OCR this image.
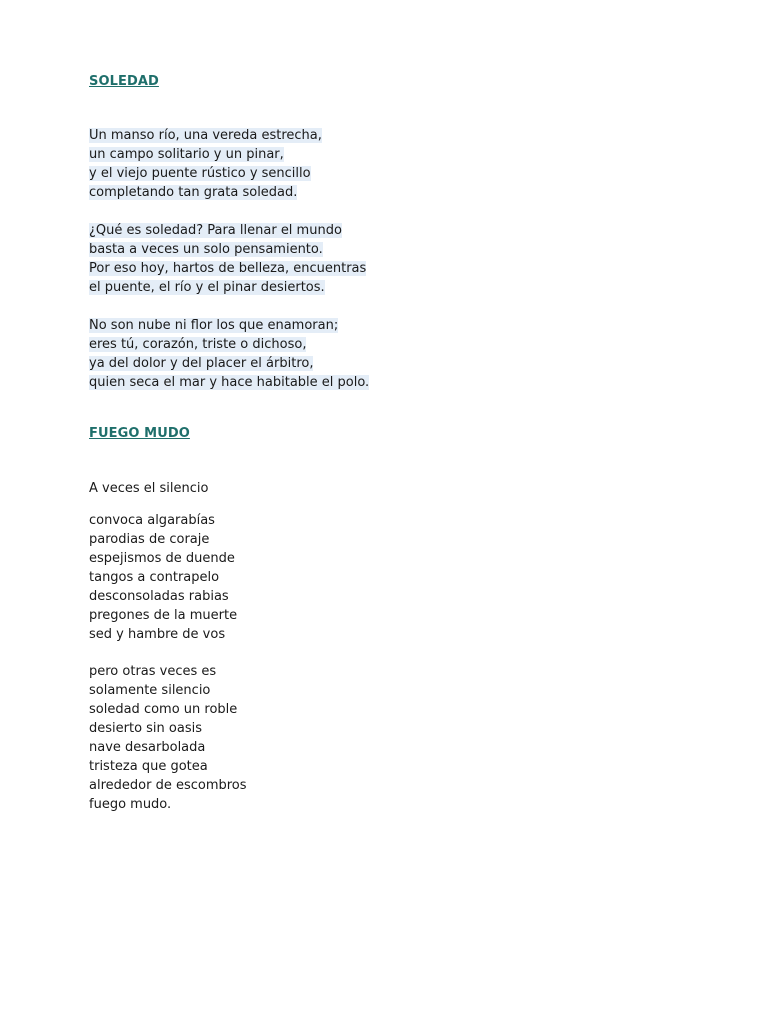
SOLEDAD
Un manso río, una vereda estrecha,
un campo solitario y un pinar,
y el viejo puente rústico y sencillo
completando tan grata soledad.
¿Qué es soledad? Para llenar el mundo
basta a veces un solo pensamiento.
Por eso hoy, hartos de belleza, encuentras
el puente, el río y el pinar desiertos.
No son nube ni flor los que enamoran;
eres tú, corazón, triste o dichoso,
ya del dolor y del placer el árbitro,
quien seca el mar y hace habitable el polo.
FUEGO MUDO
A veces el silencio
convoca algarabías
parodias de coraje
espejismos de duende
tangos a contrapelo
desconsoladas rabias
pregones de la muerte
sed y hambre de vos
pero otras veces es
solamente silencio
soledad como un roble
desierto sin oasis
nave desarbolada
tristeza que gotea
alrededor de escombros
fuego mudo.
